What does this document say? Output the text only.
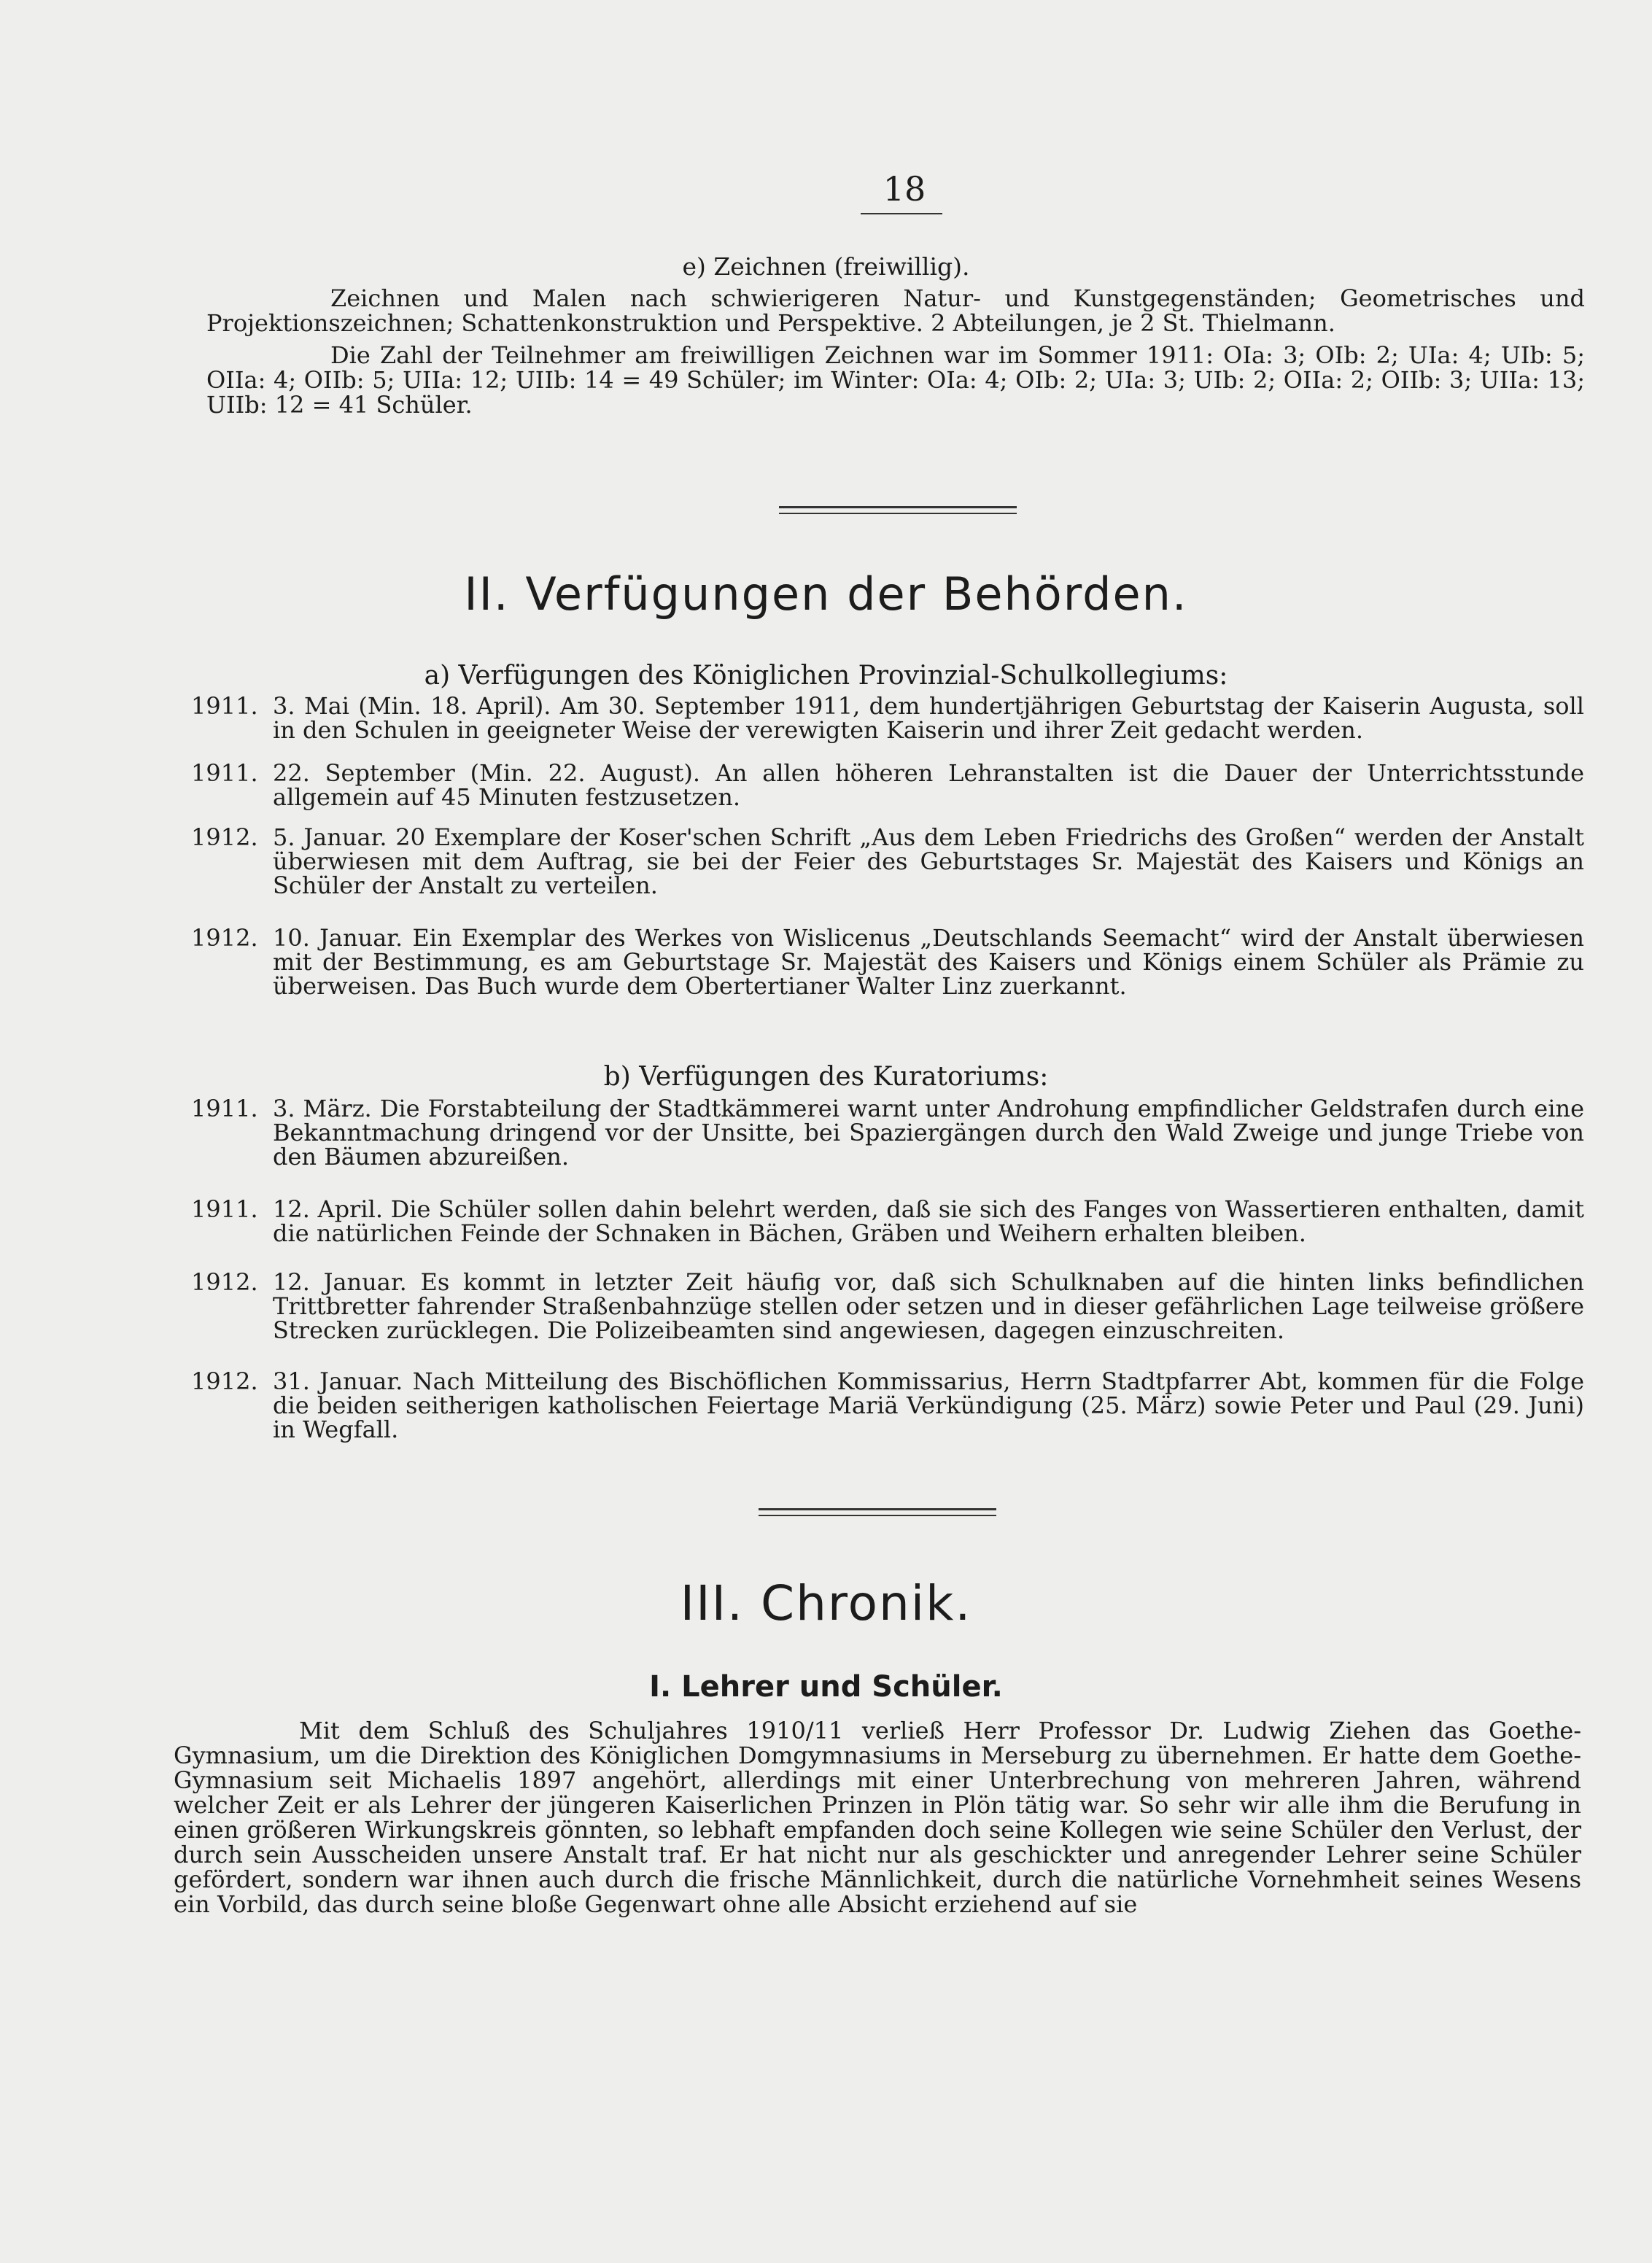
18
e) Zeichnen (freiwillig).
Zeichnen und Malen nach schwierigeren Natur- und Kunstgegenständen; Geometrisches und Projektionszeichnen; Schattenkonstruktion und Perspektive. 2 Abteilungen, je 2 St. Thielmann.
Die Zahl der Teilnehmer am freiwilligen Zeichnen war im Sommer 1911: OIa: 3; OIb: 2; UIa: 4; UIb: 5; OIIa: 4; OIIb: 5; UIIa: 12; UIIb: 14 = 49 Schüler; im Winter: OIa: 4; OIb: 2; UIa: 3; UIb: 2; OIIa: 2; OIIb: 3; UIIa: 13; UIIb: 12 = 41 Schüler.
II. Verfügungen der Behörden.
a) Verfügungen des Königlichen Provinzial-Schulkollegiums:
1911. 3. Mai (Min. 18. April). Am 30. September 1911, dem hundertjährigen Geburtstag der Kaiserin Augusta, soll in den Schulen in geeigneter Weise der verewigten Kaiserin und ihrer Zeit gedacht werden.
1911. 22. September (Min. 22. August). An allen höheren Lehranstalten ist die Dauer der Unterrichtsstunde allgemein auf 45 Minuten festzusetzen.
1912. 5. Januar. 20 Exemplare der Koser'schen Schrift „Aus dem Leben Friedrichs des Großen“ werden der Anstalt überwiesen mit dem Auftrag, sie bei der Feier des Geburtstages Sr. Majestät des Kaisers und Königs an Schüler der Anstalt zu verteilen.
1912. 10. Januar. Ein Exemplar des Werkes von Wislicenus „Deutschlands Seemacht“ wird der Anstalt überwiesen mit der Bestimmung, es am Geburtstage Sr. Majestät des Kaisers und Königs einem Schüler als Prämie zu überweisen. Das Buch wurde dem Obertertianer Walter Linz zuerkannt.
b) Verfügungen des Kuratoriums:
1911. 3. März. Die Forstabteilung der Stadtkämmerei warnt unter Androhung empfindlicher Geldstrafen durch eine Bekanntmachung dringend vor der Unsitte, bei Spaziergängen durch den Wald Zweige und junge Triebe von den Bäumen abzureißen.
1911. 12. April. Die Schüler sollen dahin belehrt werden, daß sie sich des Fanges von Wassertieren enthalten, damit die natürlichen Feinde der Schnaken in Bächen, Gräben und Weihern erhalten bleiben.
1912. 12. Januar. Es kommt in letzter Zeit häufig vor, daß sich Schulknaben auf die hinten links befindlichen Trittbretter fahrender Straßenbahnzüge stellen oder setzen und in dieser gefährlichen Lage teilweise größere Strecken zurücklegen. Die Polizeibeamten sind angewiesen, dagegen einzuschreiten.
1912. 31. Januar. Nach Mitteilung des Bischöflichen Kommissarius, Herrn Stadtpfarrer Abt, kommen für die Folge die beiden seitherigen katholischen Feiertage Mariä Verkündigung (25. März) sowie Peter und Paul (29. Juni) in Wegfall.
III. Chronik.
I. Lehrer und Schüler.
Mit dem Schluß des Schuljahres 1910/11 verließ Herr Professor Dr. Ludwig Ziehen das Goethe-Gymnasium, um die Direktion des Königlichen Domgymnasiums in Merseburg zu übernehmen. Er hatte dem Goethe-Gymnasium seit Michaelis 1897 angehört, allerdings mit einer Unterbrechung von mehreren Jahren, während welcher Zeit er als Lehrer der jüngeren Kaiserlichen Prinzen in Plön tätig war. So sehr wir alle ihm die Berufung in einen größeren Wirkungskreis gönnten, so lebhaft empfanden doch seine Kollegen wie seine Schüler den Verlust, der durch sein Ausscheiden unsere Anstalt traf. Er hat nicht nur als geschickter und anregender Lehrer seine Schüler gefördert, sondern war ihnen auch durch die frische Männlichkeit, durch die natürliche Vornehmheit seines Wesens ein Vorbild, das durch seine bloße Gegenwart ohne alle Absicht erziehend auf sie
